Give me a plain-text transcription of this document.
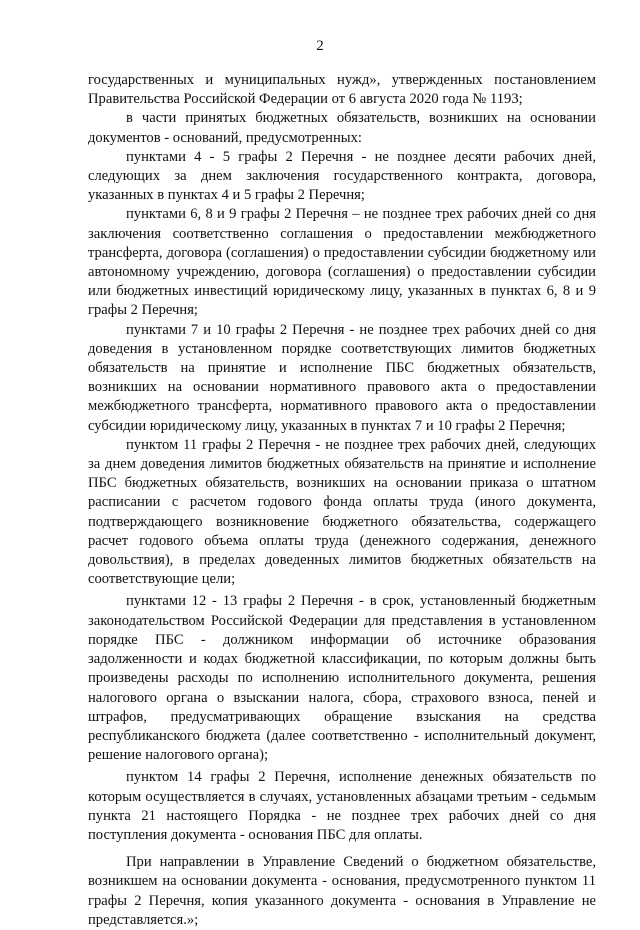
2

государственных и муниципальных нужд», утвержденных постановлением Правительства Российской Федерации от 6 августа 2020 года № 1193;

в части принятых бюджетных обязательств, возникших на основании документов - оснований, предусмотренных:

пунктами 4 - 5 графы 2 Перечня - не позднее десяти рабочих дней, следующих за днем заключения государственного контракта, договора, указанных в пунктах 4 и 5 графы 2 Перечня;

пунктами 6, 8 и 9 графы 2 Перечня – не позднее трех рабочих дней со дня заключения соответственно соглашения о предоставлении межбюджетного трансферта, договора (соглашения) о предоставлении субсидии бюджетному или автономному учреждению, договора (соглашения) о предоставлении субсидии или бюджетных инвестиций юридическому лицу, указанных в пунктах 6, 8 и 9 графы 2 Перечня;

пунктами 7 и 10 графы 2 Перечня - не позднее трех рабочих дней со дня доведения в установленном порядке соответствующих лимитов бюджетных обязательств на принятие и исполнение ПБС бюджетных обязательств, возникших на основании нормативного правового акта о предоставлении межбюджетного трансферта, нормативного правового акта о предоставлении субсидии юридическому лицу, указанных в пунктах 7 и 10 графы 2 Перечня;

пунктом 11 графы 2 Перечня - не позднее трех рабочих дней, следующих за днем доведения лимитов бюджетных обязательств на принятие и исполнение ПБС бюджетных обязательств, возникших на основании приказа о штатном расписании с расчетом годового фонда оплаты труда (иного документа, подтверждающего возникновение бюджетного обязательства, содержащего расчет годового объема оплаты труда (денежного содержания, денежного довольствия), в пределах доведенных лимитов бюджетных обязательств на соответствующие цели;

пунктами 12 - 13 графы 2 Перечня - в срок, установленный бюджетным законодательством Российской Федерации для представления в установленном порядке ПБС - должником информации об источнике образования задолженности и кодах бюджетной классификации, по которым должны быть произведены расходы по исполнению исполнительного документа, решения налогового органа о взыскании налога, сбора, страхового взноса, пеней и штрафов, предусматривающих обращение взыскания на средства республиканского бюджета (далее соответственно - исполнительный документ, решение налогового органа);

пунктом 14 графы 2 Перечня, исполнение денежных обязательств по которым осуществляется в случаях, установленных абзацами третьим - седьмым пункта 21 настоящего Порядка - не позднее трех рабочих дней со дня поступления документа - основания ПБС для оплаты.

При направлении в Управление Сведений о бюджетном обязательстве, возникшем на основании документа - основания, предусмотренного пунктом 11 графы 2 Перечня, копия указанного документа - основания в Управление не представляется.»;
